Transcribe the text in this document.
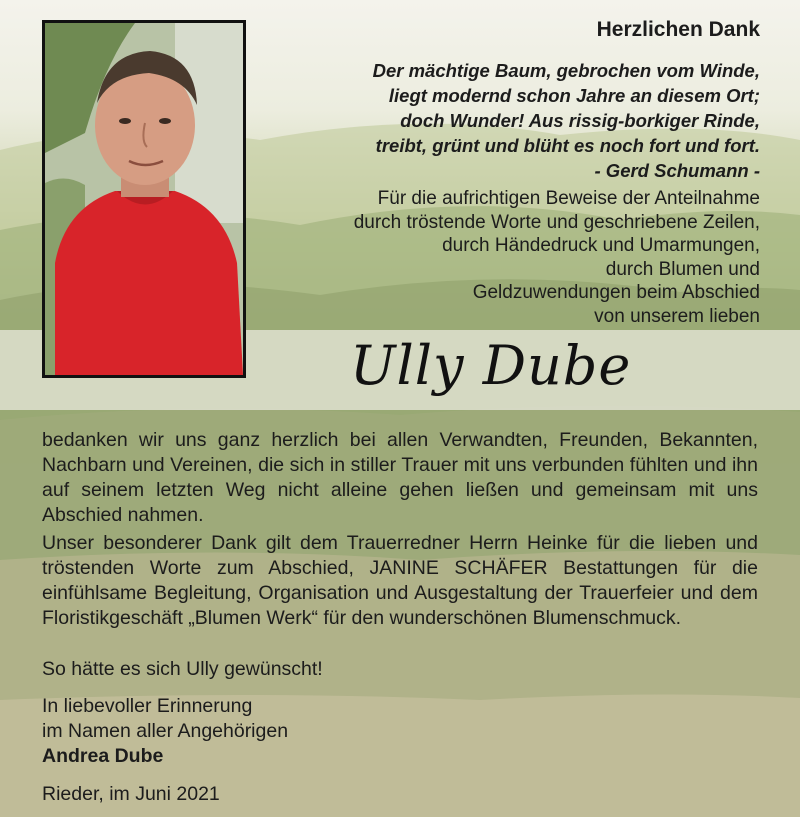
Herzlichen Dank
Der mächtige Baum, gebrochen vom Winde,
liegt modernd schon Jahre an diesem Ort;
doch Wunder! Aus rissig-borkiger Rinde,
treibt, grünt und blüht es noch fort und fort.
- Gerd Schumann -
Für die aufrichtigen Beweise der Anteilnahme
durch tröstende Worte und geschriebene Zeilen,
durch Händedruck und Umarmungen,
durch Blumen und
Geldzuwendungen beim Abschied
von unserem lieben
Ully Dube
bedanken wir uns ganz herzlich bei allen Verwandten, Freunden, Bekannten, Nachbarn und Vereinen, die sich in stiller Trauer mit uns verbunden fühlten und ihn auf seinem letzten Weg nicht alleine gehen ließen und gemeinsam mit uns Abschied nahmen.
Unser besonderer Dank gilt dem Trauerredner Herrn Heinke für die lieben und tröstenden Worte zum Abschied, JANINE SCHÄFER Bestattungen für die einfühlsame Begleitung, Organisation und Ausgestaltung der Trauerfeier und dem Floristikgeschäft „Blumen Werk“ für den wunderschönen Blumenschmuck.
So hätte es sich Ully gewünscht!
In liebevoller Erinnerung
im Namen aller Angehörigen
Andrea Dube
Rieder, im Juni 2021
